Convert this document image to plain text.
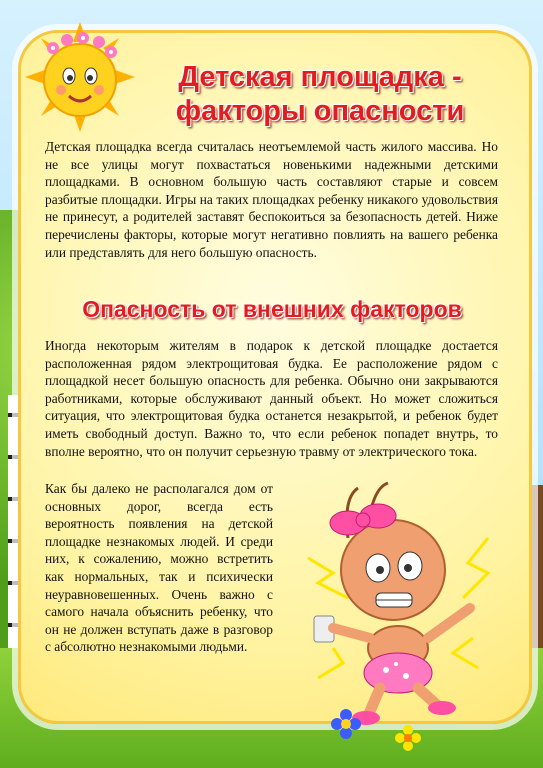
Детская площадка - факторы опасности
Детская площадка всегда считалась неотъемлемой часть жилого массива. Но не все улицы могут похвастаться новенькими надежными детскими площадками. В основном большую часть составляют старые и совсем разбитые площадки. Игры на таких площадках ребенку никакого удовольствия не принесут, а родителей заставят беспокоиться за безопасность детей. Ниже перечислены факторы, которые могут негативно повлиять на вашего ребенка или представлять для него большую опасность.
Опасность от внешних факторов
Иногда некоторым жителям в подарок к детской площадке достается расположенная рядом электрощитовая будка. Ее расположение рядом с площадкой несет большую опасность для ребенка. Обычно они закрываются работниками, которые обслуживают данный объект. Но может сложиться ситуация, что электрощитовая будка останется незакрытой, и ребенок будет иметь свободный доступ. Важно то, что если ребенок попадет внутрь, то вполне вероятно, что он получит серьезную травму от электрического тока.
Как бы далеко не располагался дом от основных дорог, всегда есть вероятность появления на детской площадке незнакомых людей. И среди них, к сожалению, можно встретить как нормальных, так и психически неуравновешенных. Очень важно с самого начала объяснить ребенку, что он не должен вступать даже в разговор с абсолютно незнакомыми людьми.
